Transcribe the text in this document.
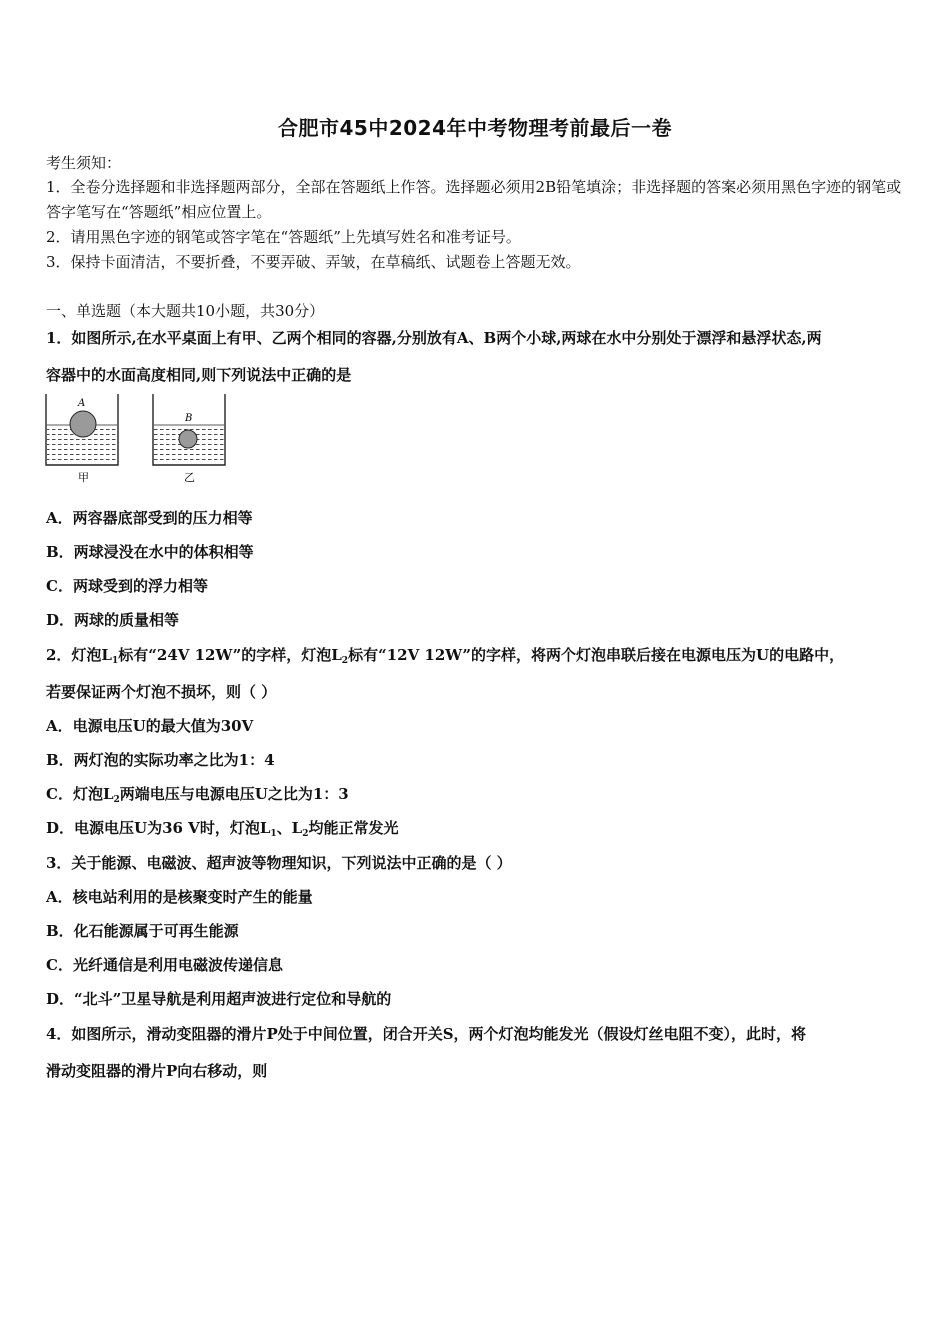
合肥市45中2024年中考物理考前最后一卷
考生须知：
1．全卷分选择题和非选择题两部分，全部在答题纸上作答。选择题必须用2B铅笔填涂；非选择题的答案必须用黑色字迹的钢笔或答字笔写在“答题纸”相应位置上。
2．请用黑色字迹的钢笔或答字笔在“答题纸”上先填写姓名和准考证号。
3．保持卡面清洁，不要折叠，不要弄破、弄皱，在草稿纸、试题卷上答题无效。
一、单选题（本大题共10小题，共30分）
1．如图所示,在水平桌面上有甲、乙两个相同的容器,分别放有A、B两个小球,两球在水中分别处于漂浮和悬浮状态,两
容器中的水面高度相同,则下列说法中正确的是
A
B
甲	乙
A．两容器底部受到的压力相等
B．两球浸没在水中的体积相等
C．两球受到的浮力相等
D．两球的质量相等
2．灯泡$L_1$标有“24V 12W”的字样，灯泡$L_2$标有“12V 12W”的字样，将两个灯泡串联后接在电源电压为U的电路中，
若要保证两个灯泡不损坏，则（ ）
A．电源电压U的最大值为30V
B．两灯泡的实际功率之比为1：4
C．灯泡$L_2$两端电压与电源电压U之比为1：3
D．电源电压U为36 V时，灯泡$L_1$、$L_2$均能正常发光
3．关于能源、电磁波、超声波等物理知识，下列说法中正确的是（ ）
A．核电站利用的是核聚变时产生的能量
B．化石能源属于可再生能源
C．光纤通信是利用电磁波传递信息
D．“北斗”卫星导航是利用超声波进行定位和导航的
4．如图所示，滑动变阻器的滑片P处于中间位置，闭合开关S，两个灯泡均能发光（假设灯丝电阻不变），此时，将
滑动变阻器的滑片P向右移动，则
